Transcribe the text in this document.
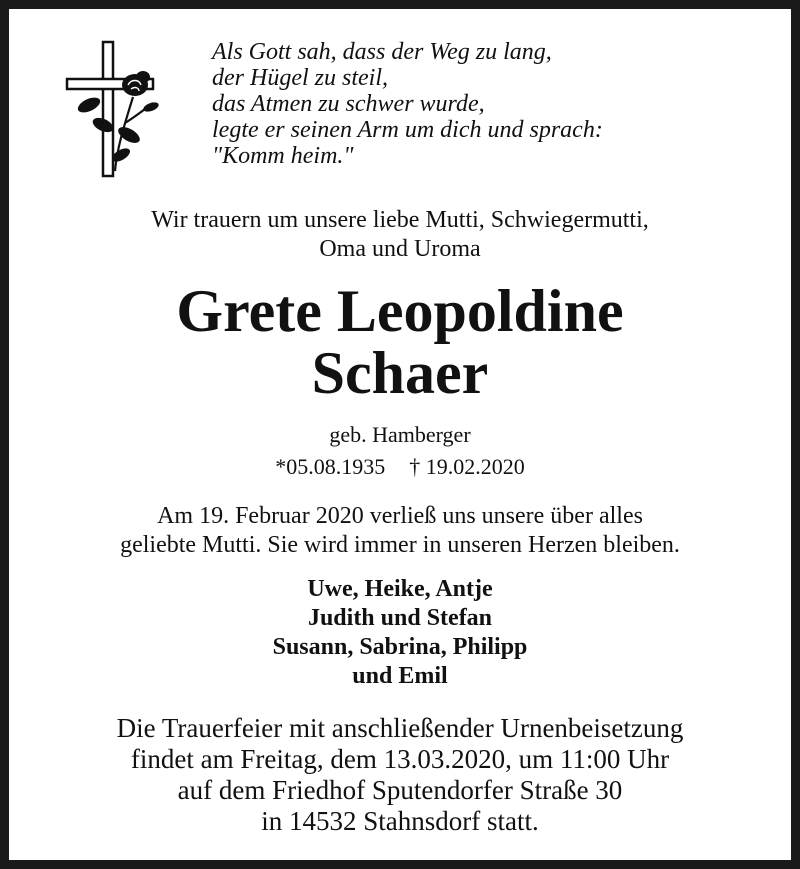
Als Gott sah, dass der Weg zu lang,
der Hügel zu steil,
das Atmen zu schwer wurde,
legte er seinen Arm um dich und sprach:
"Komm heim."
Wir trauern um unsere liebe Mutti, Schwiegermutti,
Oma und Uroma
Grete Leopoldine
Schaer
geb. Hamberger
*05.08.1935 † 19.02.2020
Am 19. Februar 2020 verließ uns unsere über alles
geliebte Mutti. Sie wird immer in unseren Herzen bleiben.
Uwe, Heike, Antje
Judith und Stefan
Susann, Sabrina, Philipp
und Emil
Die Trauerfeier mit anschließender Urnenbeisetzung
findet am Freitag, dem 13.03.2020, um 11:00 Uhr
auf dem Friedhof Sputendorfer Straße 30
in 14532 Stahnsdorf statt.
